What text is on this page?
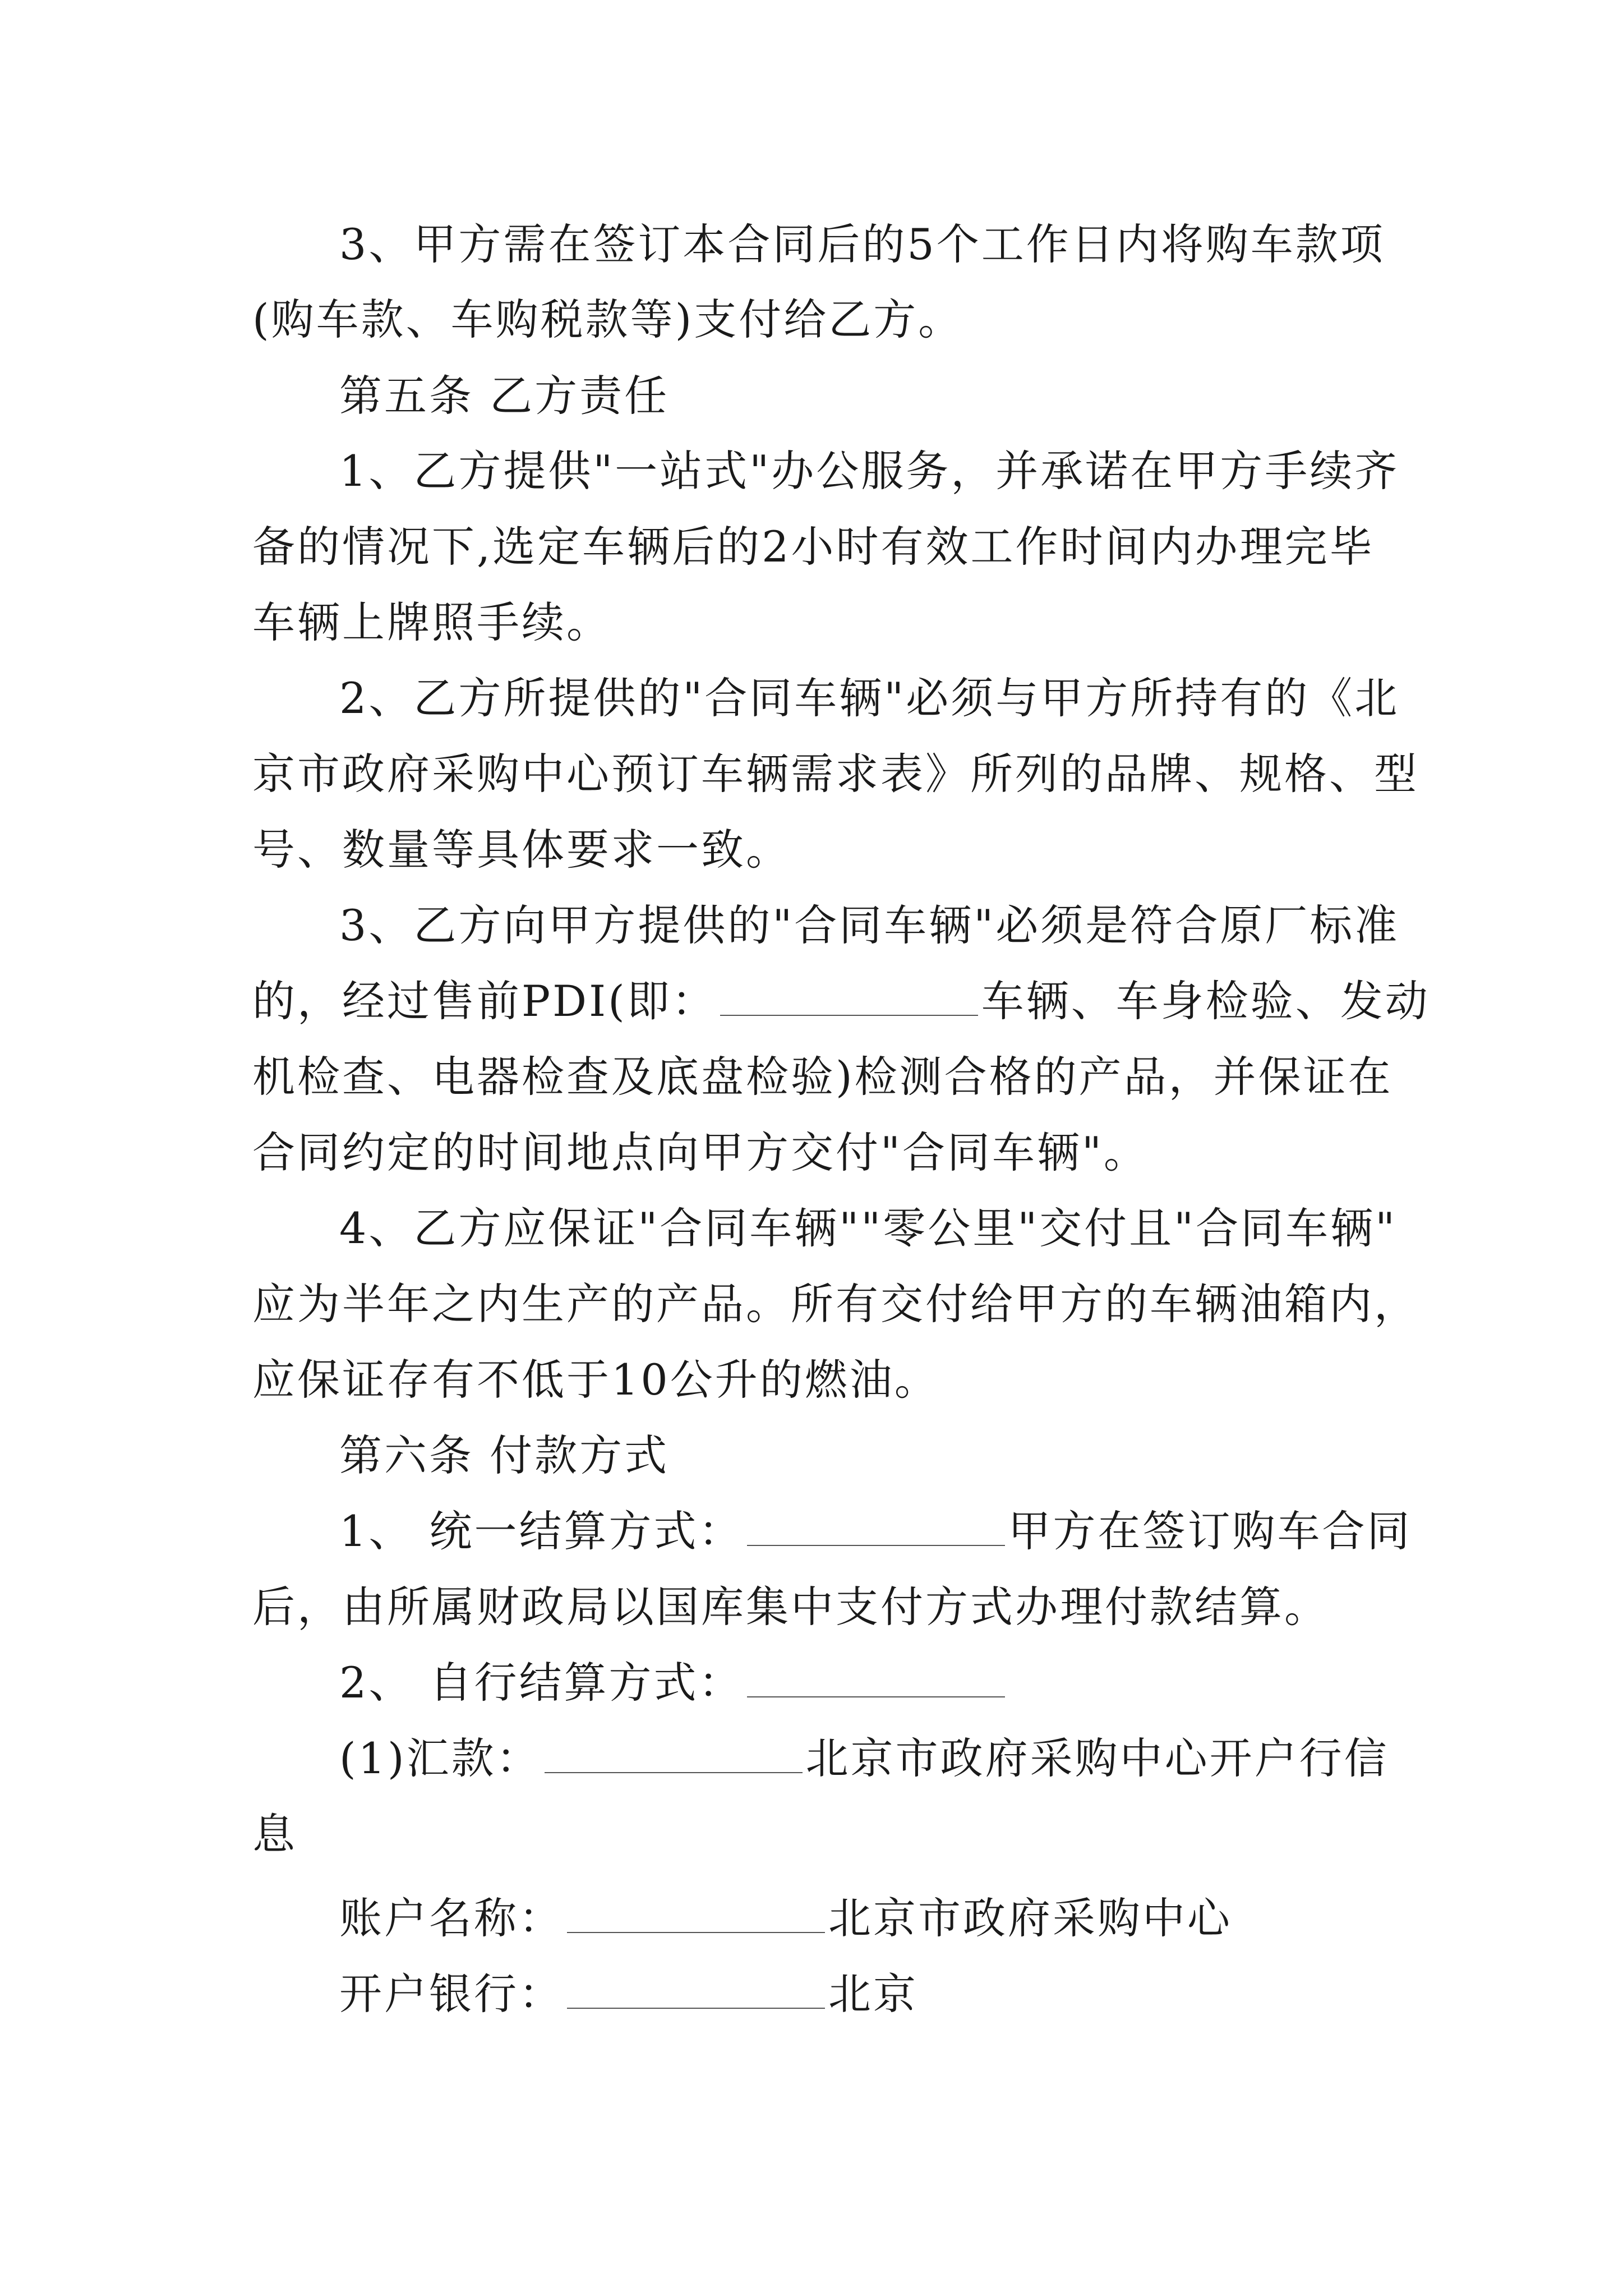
3、甲方需在签订本合同后的5个工作日内将购车款项
(购车款、车购税款等)支付给乙方。
第五条 乙方责任
1、乙方提供"一站式"办公服务，并承诺在甲方手续齐
备的情况下,选定车辆后的2小时有效工作时间内办理完毕
车辆上牌照手续。
2、乙方所提供的"合同车辆"必须与甲方所持有的《北
京市政府采购中心预订车辆需求表》所列的品牌、规格、型
号、数量等具体要求一致。
3、乙方向甲方提供的"合同车辆"必须是符合原厂标准
的，经过售前PDI(即：	车辆、车身检验、发动
机检查、电器检查及底盘检验)检测合格的产品，并保证在
合同约定的时间地点向甲方交付"合同车辆"。
4、乙方应保证"合同车辆""零公里"交付且"合同车辆"
应为半年之内生产的产品。所有交付给甲方的车辆油箱内，
应保证存有不低于10公升的燃油。
第六条 付款方式
1、 统一结算方式：	甲方在签订购车合同
后，由所属财政局以国库集中支付方式办理付款结算。
2、 自行结算方式：
(1)汇款：	北京市政府采购中心开户行信
息
账户名称：	北京市政府采购中心
开户银行：	北京
